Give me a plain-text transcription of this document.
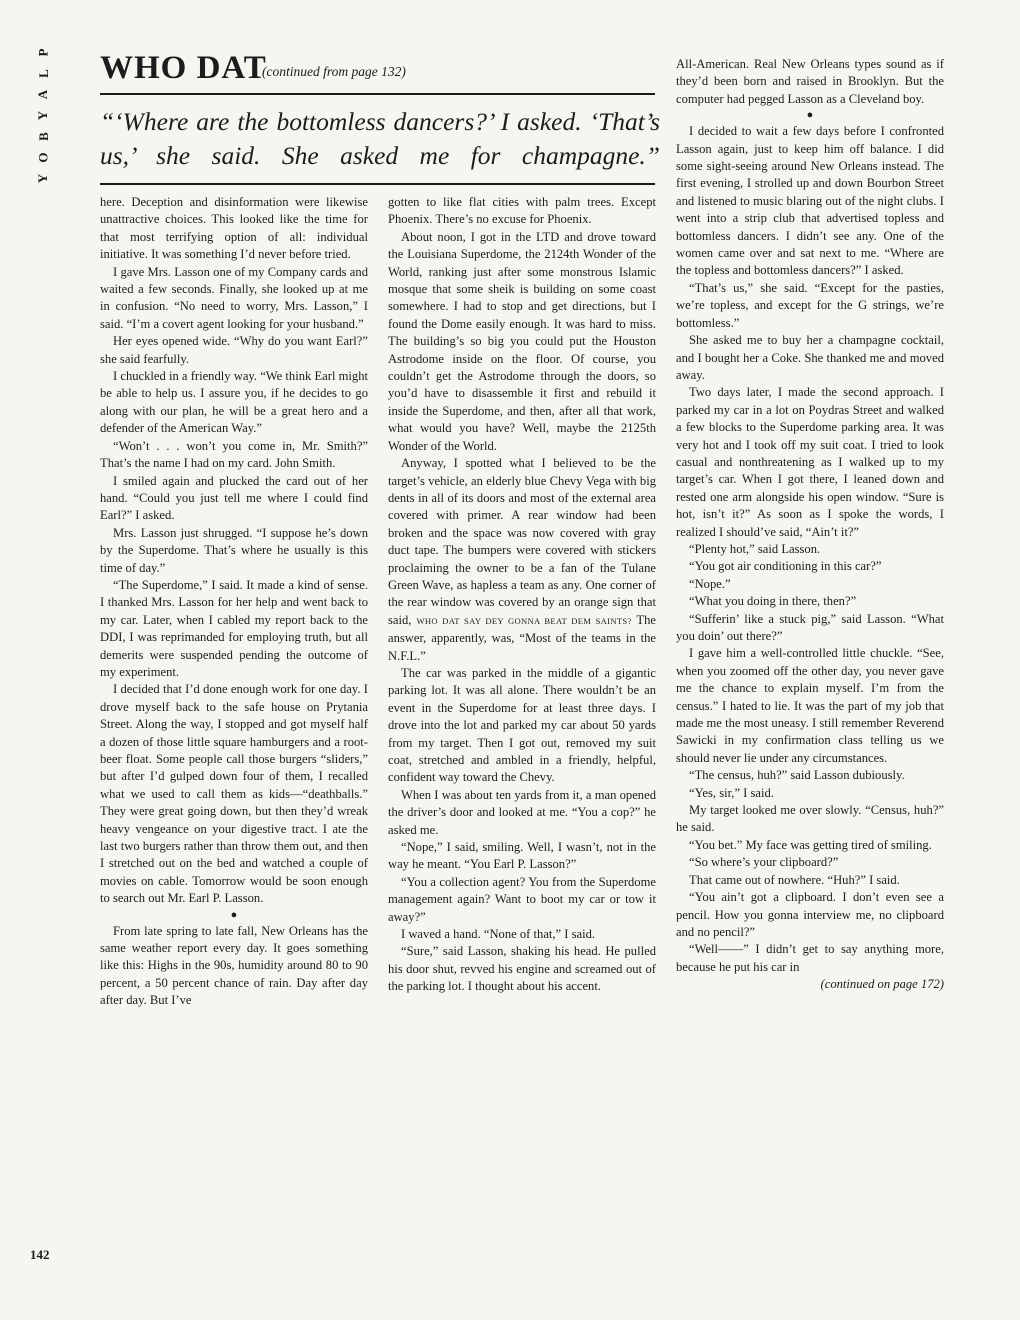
P
L
A
Y
B
O
Y
WHO DAT
(continued from page 132)
“‘Where are the bottomless dancers?’ I asked. ‘That’s us,’ she said. She asked me for champagne.”

here. Deception and disinformation were likewise unattractive choices. This looked like the time for that most terrifying option of all: individual initiative. It was something I’d never before tried.

I gave Mrs. Lasson one of my Company cards and waited a few seconds. Finally, she looked up at me in confusion. “No need to worry, Mrs. Lasson,” I said. “I’m a covert agent looking for your husband.”

Her eyes opened wide. “Why do you want Earl?” she said fearfully.

I chuckled in a friendly way. “We think Earl might be able to help us. I assure you, if he decides to go along with our plan, he will be a great hero and a defender of the American Way.”

“Won’t . . . won’t you come in, Mr. Smith?” That’s the name I had on my card. John Smith.

I smiled again and plucked the card out of her hand. “Could you just tell me where I could find Earl?” I asked.

Mrs. Lasson just shrugged. “I suppose he’s down by the Superdome. That’s where he usually is this time of day.”

“The Superdome,” I said. It made a kind of sense. I thanked Mrs. Lasson for her help and went back to my car. Later, when I cabled my report back to the DDI, I was reprimanded for employing truth, but all demerits were suspended pending the outcome of my experiment.

I decided that I’d done enough work for one day. I drove myself back to the safe house on Prytania Street. Along the way, I stopped and got myself half a dozen of those little square hamburgers and a root-beer float. Some people call those burgers “sliders,” but after I’d gulped down four of them, I recalled what we used to call them as kids—“deathballs.” They were great going down, but then they’d wreak heavy vengeance on your digestive tract. I ate the last two burgers rather than throw them out, and then I stretched out on the bed and watched a couple of movies on cable. Tomorrow would be soon enough to search out Mr. Earl P. Lasson.

●

From late spring to late fall, New Orleans has the same weather report every day. It goes something like this: Highs in the 90s, humidity around 80 to 90 percent, a 50 percent chance of rain. Day after day after day. But I’ve

gotten to like flat cities with palm trees. Except Phoenix. There’s no excuse for Phoenix.

About noon, I got in the LTD and drove toward the Louisiana Superdome, the 2124th Wonder of the World, ranking just after some monstrous Islamic mosque that some sheik is building on some coast somewhere. I had to stop and get directions, but I found the Dome easily enough. It was hard to miss. The building’s so big you could put the Houston Astrodome inside on the floor. Of course, you couldn’t get the Astrodome through the doors, so you’d have to disassemble it first and rebuild it inside the Superdome, and then, after all that work, what would you have? Well, maybe the 2125th Wonder of the World.

Anyway, I spotted what I believed to be the target’s vehicle, an elderly blue Chevy Vega with big dents in all of its doors and most of the external area covered with primer. A rear window had been broken and the space was now covered with gray duct tape. The bumpers were covered with stickers proclaiming the owner to be a fan of the Tulane Green Wave, as hapless a team as any. One corner of the rear window was covered by an orange sign that said, WHO DAT SAY DEY GONNA BEAT DEM SAINTS? The answer, apparently, was, “Most of the teams in the N.F.L.”

The car was parked in the middle of a gigantic parking lot. It was all alone. There wouldn’t be an event in the Superdome for at least three days. I drove into the lot and parked my car about 50 yards from my target. Then I got out, removed my suit coat, stretched and ambled in a friendly, helpful, confident way toward the Chevy.

When I was about ten yards from it, a man opened the driver’s door and looked at me. “You a cop?” he asked me.

“Nope,” I said, smiling. Well, I wasn’t, not in the way he meant. “You Earl P. Lasson?”

“You a collection agent? You from the Superdome management again? Want to boot my car or tow it away?”

I waved a hand. “None of that,” I said.

“Sure,” said Lasson, shaking his head. He pulled his door shut, revved his engine and screamed out of the parking lot. I thought about his accent.

All-American. Real New Orleans types sound as if they’d been born and raised in Brooklyn. But the computer had pegged Lasson as a Cleveland boy.

●

I decided to wait a few days before I confronted Lasson again, just to keep him off balance. I did some sight-seeing around New Orleans instead. The first evening, I strolled up and down Bourbon Street and listened to music blaring out of the night clubs. I went into a strip club that advertised topless and bottomless dancers. I didn’t see any. One of the women came over and sat next to me. “Where are the topless and bottomless dancers?” I asked.

“That’s us,” she said. “Except for the pasties, we’re topless, and except for the G strings, we’re bottomless.”

She asked me to buy her a champagne cocktail, and I bought her a Coke. She thanked me and moved away.

Two days later, I made the second approach. I parked my car in a lot on Poydras Street and walked a few blocks to the Superdome parking area. It was very hot and I took off my suit coat. I tried to look casual and nonthreatening as I walked up to my target’s car. When I got there, I leaned down and rested one arm alongside his open window. “Sure is hot, isn’t it?” As soon as I spoke the words, I realized I should’ve said, “Ain’t it?”

“Plenty hot,” said Lasson.

“You got air conditioning in this car?”

“Nope.”

“What you doing in there, then?”

“Sufferin’ like a stuck pig,” said Lasson. “What you doin’ out there?”

I gave him a well-controlled little chuckle. “See, when you zoomed off the other day, you never gave me the chance to explain myself. I’m from the census.” I hated to lie. It was the part of my job that made me the most uneasy. I still remember Reverend Sawicki in my confirmation class telling us we should never lie under any circumstances.

“The census, huh?” said Lasson dubiously.

“Yes, sir,” I said.

My target looked me over slowly. “Census, huh?” he said.

“You bet.” My face was getting tired of smiling.

“So where’s your clipboard?”

That came out of nowhere. “Huh?” I said.

“You ain’t got a clipboard. I don’t even see a pencil. How you gonna interview me, no clipboard and no pencil?”

“Well——” I didn’t get to say anything more, because he put his car in

(continued on page 172)

142
